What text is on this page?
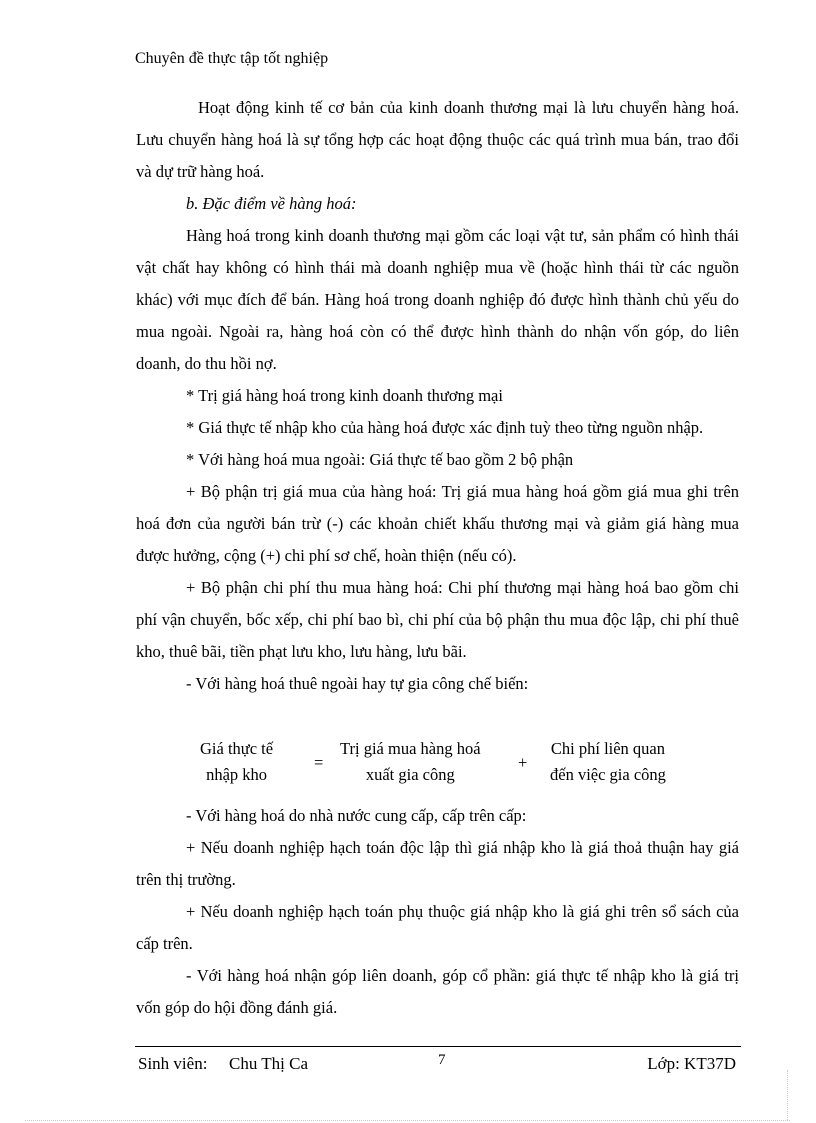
Chuyên đề thực tập tốt nghiệp

Hoạt động kinh tế cơ bản của kinh doanh thương mại là lưu chuyển hàng hoá. Lưu chuyển hàng hoá là sự tổng hợp các hoạt động thuộc các quá trình mua bán, trao đổi và dự trữ hàng hoá.

b. Đặc điểm về hàng hoá:

Hàng hoá trong kinh doanh thương mại gồm các loại vật tư, sản phẩm có hình thái vật chất hay không có hình thái mà doanh nghiệp mua về (hoặc hình thái từ các nguồn khác) với mục đích để bán. Hàng hoá trong doanh nghiệp đó được hình thành chủ yếu do mua ngoài. Ngoài ra, hàng hoá còn có thể được hình thành do nhận vốn góp, do liên doanh, do thu hồi nợ.

* Trị giá hàng hoá trong kinh doanh thương mại

* Giá thực tế nhập kho của hàng hoá được xác định tuỳ theo từng nguồn nhập.

* Với hàng hoá mua ngoài: Giá thực tế bao gồm 2 bộ phận

+ Bộ phận trị giá mua của hàng hoá: Trị giá mua hàng hoá gồm giá mua ghi trên hoá đơn của người bán trừ (-) các khoản chiết khấu thương mại và giảm giá hàng mua được hưởng, cộng (+) chi phí sơ chế, hoàn thiện (nếu có).

+ Bộ phận chi phí thu mua hàng hoá: Chi phí thương mại hàng hoá bao gồm chi phí vận chuyển, bốc xếp, chi phí bao bì, chi phí của bộ phận thu mua độc lập, chi phí thuê kho, thuê bãi, tiền phạt lưu kho, lưu hàng, lưu bãi.

- Với hàng hoá thuê ngoài hay tự gia công chế biến:

Giá thực tế
nhập kho
=
Trị giá mua hàng hoá
xuất gia công
+
Chi phí liên quan
đến việc gia công

- Với hàng hoá do nhà nước cung cấp, cấp trên cấp:

+ Nếu doanh nghiệp hạch toán độc lập thì giá nhập kho là giá thoả thuận hay giá trên thị trường.

+ Nếu doanh nghiệp hạch toán phụ thuộc giá nhập kho là giá ghi trên sổ sách của cấp trên.

- Với hàng hoá nhận góp liên doanh, góp cổ phần: giá thực tế nhập kho là giá trị vốn góp do hội đồng đánh giá.

Sinh viên: Chu Thị Ca	7	Lớp: KT37D
